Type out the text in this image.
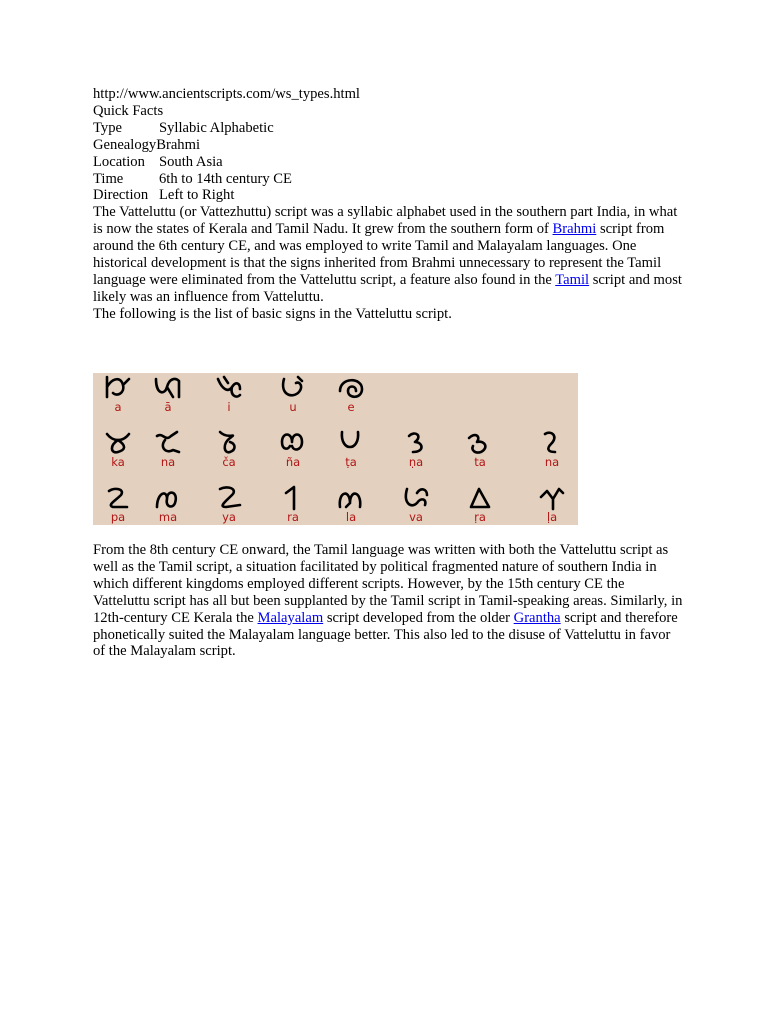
http://www.ancientscripts.com/ws_types.html
Quick Facts
Type	Syllabic Alphabetic
Genealogy Brahmi
Location South Asia
Time	6th to 14th century CE
Direction Left to Right

The Vatteluttu (or Vattezhuttu) script was a syllabic alphabet used in the southern part India, in what is now the states of Kerala and Tamil Nadu. It grew from the southern form of Brahmi script from around the 6th century CE, and was employed to write Tamil and Malayalam languages. One historical development is that the signs inherited from Brahmi unnecessary to represent the Tamil language were eliminated from the Vatteluttu script, a feature also found in the Tamil script and most likely was an influence from Vatteluttu.

The following is the list of basic signs in the Vatteluttu script.

a	ā	i	u	e
ka	na	ča	ña	ṭa	ṇa	ta	na
pa	ma	ya	ra	la	va	ṛa	ḷa

From the 8th century CE onward, the Tamil language was written with both the Vatteluttu script as well as the Tamil script, a situation facilitated by political fragmented nature of southern India in which different kingdoms employed different scripts. However, by the 15th century CE the Vatteluttu script has all but been supplanted by the Tamil script in Tamil-speaking areas. Similarly, in 12th-century CE Kerala the Malayalam script developed from the older Grantha script and therefore phonetically suited the Malayalam language better. This also led to the disuse of Vatteluttu in favor of the Malayalam script.
